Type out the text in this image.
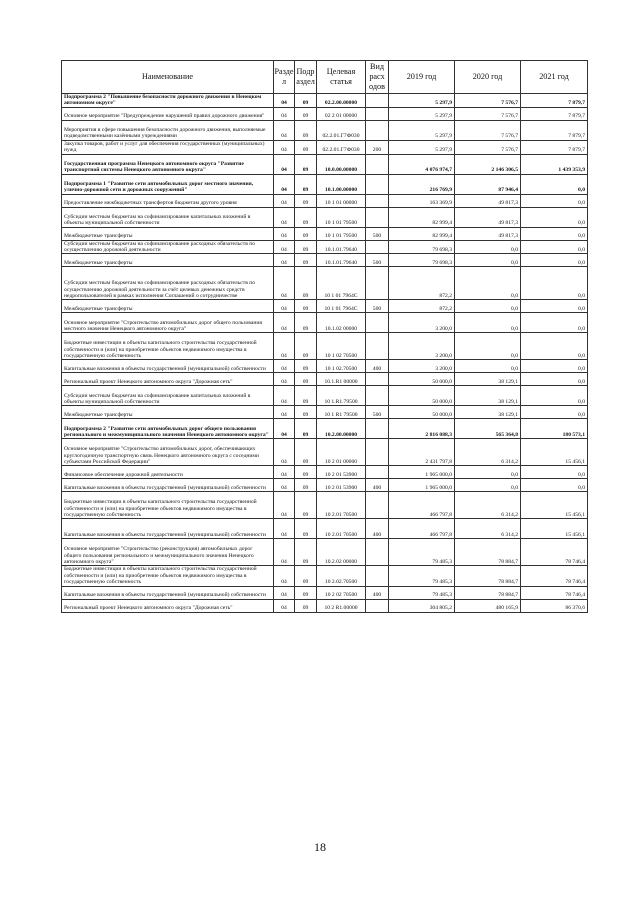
Наименование	Разде л	Подр аздел	Целевая статья	Вид расх одов	2019 год	2020 год	2021 год
Подпрограмма 2 "Повышение безопасности дорожного движения в Ненецком автономном округе"	04	09	02.2.00.00000		5 297,9	7 576,7	7 879,7
Основное мероприятие "Предупреждение нарушений правил дорожного движения"	04	09	02 2 01 00000		5 297,9	7 576,7	7 879,7
Мероприятия в сфере повышения безопасности дорожного движения, выполняемые подведомственными казёнными учреждениями	04	09	02.2.01.Г7Ф030		5 297,9	7 576,7	7 879,7
Закупка товаров, работ и услуг для обеспечения государственных (муниципальных) нужд	04	09	02.2.01.Г7Ф030	200	5 297,9	7 576,7	7 879,7
Государственная программа Ненецкого автономного округа "Развитие транспортной системы Ненецкого автономного округа"	04	09	10.0.00.00000		4 076 974,7	2 146 306,5	1 439 353,9
Подпрограмма 1 "Развитие сети автомобильных дорог местного значения, улично-дорожной сети и дорожных сооружений"	04	09	10.1.00.00000		216 769,9	87 946,4	0,0
Предоставление межбюджетных трансфертов бюджетам другого уровня	04	09	10 1 01 00000		163 369,9	49 817,3	0,0
Субсидии местным бюджетам на софинансирование капитальных вложений в объекты муниципальной собственности	04	09	10 1 01 79500		82 999,4	49 817,3	0,0
Межбюджетные трансферты	04	09	10 1 01 79500	500	82 999,4	49 817,3	0,0
Субсидии местным бюджетам на софинансирование расходных обязательств по осуществлению дорожной деятельности	04	09	10.1.01.79640		79 698,3	0,0	0,0
Межбюджетные трансферты	04	09	10.1.01.79640	500	79 698,3	0,0	0,0
Субсидии местным бюджетам на софинансирование расходных обязательств по осуществлению дорожной деятельности за счёт целевых денежных средств недропользователей в рамках исполнения Соглашений о сотрудничестве	04	09	10 1 01 7964С		872,2	0,0	0,0
Межбюджетные трансферты	04	09	10 1 01 7964С	500	872,2	0,0	0,0
Основное мероприятие "Строительство автомобильных дорог общего пользования местного значения Ненецкого автономного округа"	04	09	10.1.02 00000		3 200,0	0,0	0,0
Бюджетные инвестиции в объекты капитального строительства государственной собственности и (или) на приобретение объектов недвижимого имущества в государственную собственность	04	09	10 1 02 70500		3 200,0	0,0	0,0
Капитальные вложения в объекты государственной (муниципальной) собственности	04	09	10 1 02.70500	400	3 200,0	0,0	0,0
Региональный проект Ненецкого автономного округа "Дорожная сеть"	04	09	10.1.R1 00000		50 000,0	38 129,1	0,0
Субсидии местным бюджетам на софинансирование капитальных вложений в объекты муниципальной собственности	04	09	10 1.R1.79500		50 000,0	38 129,1	0,0
Межбюджетные трансферты	04	09	10 1 R1 79500	500	50 000,0	38 129,1	0,0
Подпрограмма 2 "Развитие сети автомобильных дорог общего пользования регионального и межмуниципального значения Ненецкого автономного округа"	04	09	10.2.00.00000		2 816 088,3	565 364,8	180 573,1
Основное мероприятие "Строительство автомобильных дорог, обеспечивающих круглогодичную транспортную связь Ненецкого автономного округа с соседними субъектами Российской Федерации"	04	09	10 2 01 00000		2 431 797,8	6 314,2	15 456,1
Финансовое обеспечение дорожной деятельности	04	09	10 2 01 53900		1 965 000,0	0,0	0,0
Капитальные вложения в объекты государственной (муниципальной) собственности	04	09	10 2 01 53900	400	1 965 000,0	0,0	0,0
Бюджетные инвестиции в объекты капитального строительства государственной собственности и (или) на приобретение объектов недвижимого имущества в государственную собственность	04	09	10 2.01 70500		466 797,8	6 314,2	15 456,1
Капитальные вложения в объекты государственной (муниципальной) собственности	04	09	10 2.01 70500	400	466 797,8	6 314,2	15 456,1
Основное мероприятие "Строительство (реконструкция) автомобильных дорог общего пользования регионального и межмуниципального значения Ненецкого автономного округа"	04	09	10.2.02 00000		79 485,3	78 884,7	78 746,4
Бюджетные инвестиции в объекты капитального строительства государственной собственности и (или) на приобретение объектов недвижимого имущества в государственную собственность	04	09	10 2.02.70500		79 485,3	78 884,7	78 746,4
Капитальные вложения в объекты государственной (муниципальной) собственности	04	09	10 2 02 70500	400	79 485,3	78 884,7	78 746,4
Региональный проект Ненецкого автономного округа "Дорожная сеть"	04	09	10 2 R1.00000		304 805,2	480 165,9	86 370,6
18
